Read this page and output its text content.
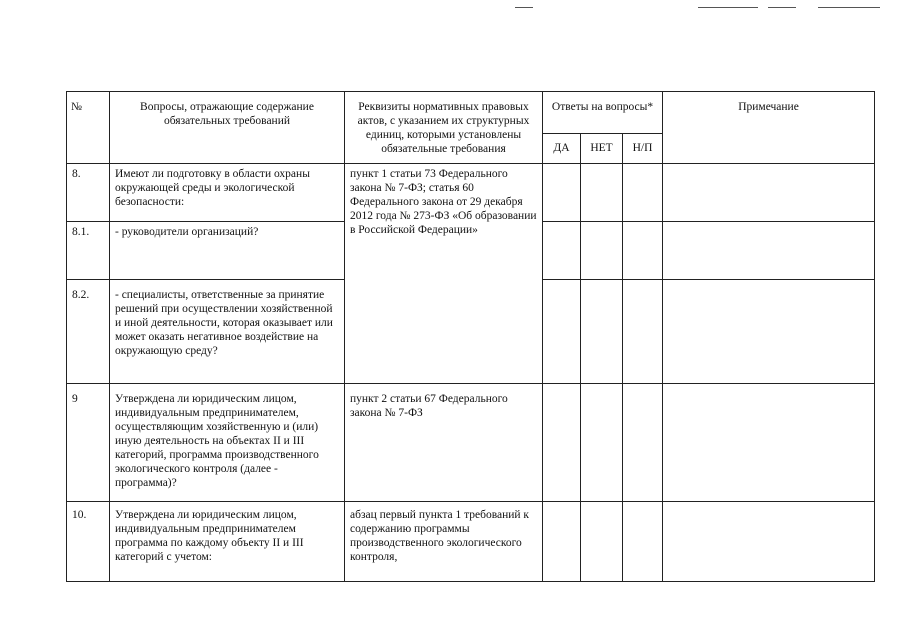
№	Вопросы, отражающие содержание обязательных требований	Реквизиты нормативных правовых актов, с указанием их структурных единиц, которыми установлены обязательные требования	Ответы на вопросы*			Примечание
			ДА	НЕТ	Н/П	
8.	Имеют ли подготовку в области охраны окружающей среды и экологической безопасности:	пункт 1 статьи 73 Федерального закона № 7-ФЗ; статья 60 Федерального закона от 29 декабря 2012 года № 273-ФЗ «Об образовании в Российской Федерации»				
8.1.	- руководители организаций?					
8.2.	- специалисты, ответственные за принятие решений при осуществлении хозяйственной и иной деятельности, которая оказывает или может оказать негативное воздействие на окружающую среду?					
9	Утверждена ли юридическим лицом, индивидуальным предпринимателем, осуществляющим хозяйственную и (или) иную деятельность на объектах II и III категорий, программа производственного экологического контроля (далее - программа)?	пункт 2 статьи 67 Федерального закона № 7-ФЗ				
10.	Утверждена ли юридическим лицом, индивидуальным предпринимателем программа по каждому объекту II и III категорий с учетом:	абзац первый пункта 1 требований к содержанию программы производственного экологического контроля,				
